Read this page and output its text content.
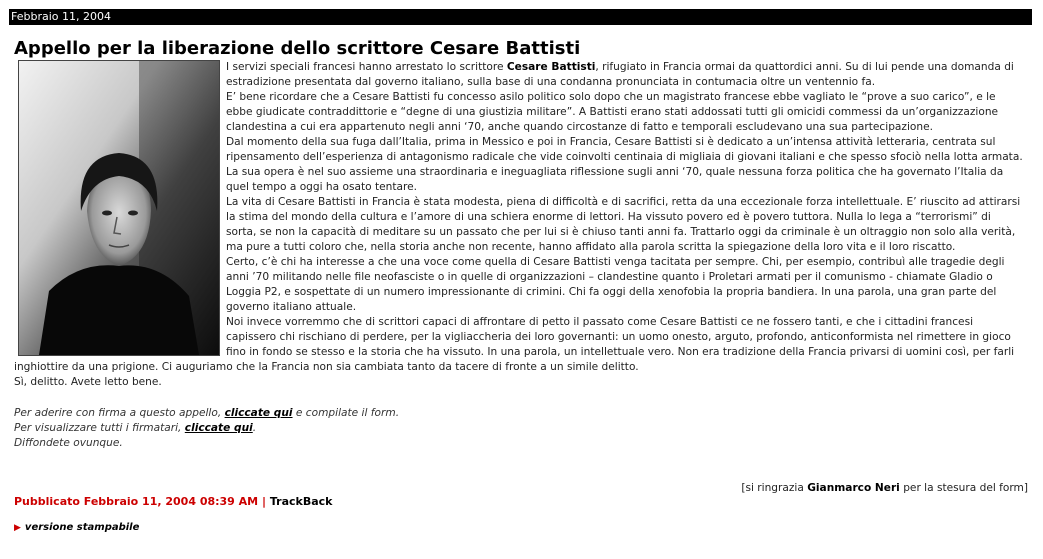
Febbraio 11, 2004
Appello per la liberazione dello scrittore Cesare Battisti

I servizi speciali francesi hanno arrestato lo scrittore Cesare Battisti, rifugiato in Francia ormai da quattordici anni. Su di lui pende una domanda di estradizione presentata dal governo italiano, sulla base di una condanna pronunciata in contumacia oltre un ventennio fa.

E’ bene ricordare che a Cesare Battisti fu concesso asilo politico solo dopo che un magistrato francese ebbe vagliato le “prove a suo carico”, e le ebbe giudicate contraddittorie e “degne di una giustizia militare”. A Battisti erano stati addossati tutti gli omicidi commessi da un’organizzazione clandestina a cui era appartenuto negli anni ‘70, anche quando circostanze di fatto e temporali escludevano una sua partecipazione.

Dal momento della sua fuga dall’Italia, prima in Messico e poi in Francia, Cesare Battisti si è dedicato a un’intensa attività letteraria, centrata sul ripensamento dell’esperienza di antagonismo radicale che vide coinvolti centinaia di migliaia di giovani italiani e che spesso sfociò nella lotta armata. La sua opera è nel suo assieme una straordinaria e ineguagliata riflessione sugli anni ‘70, quale nessuna forza politica che ha governato l’Italia da quel tempo a oggi ha osato tentare.

La vita di Cesare Battisti in Francia è stata modesta, piena di difficoltà e di sacrifici, retta da una eccezionale forza intellettuale. E’ riuscito ad attirarsi la stima del mondo della cultura e l’amore di una schiera enorme di lettori. Ha vissuto povero ed è povero tuttora. Nulla lo lega a “terrorismi” di sorta, se non la capacità di meditare su un passato che per lui si è chiuso tanti anni fa. Trattarlo oggi da criminale è un oltraggio non solo alla verità, ma pure a tutti coloro che, nella storia anche non recente, hanno affidato alla parola scritta la spiegazione della loro vita e il loro riscatto.

Certo, c’è chi ha interesse a che una voce come quella di Cesare Battisti venga tacitata per sempre. Chi, per esempio, contribuì alle tragedie degli anni ’70 militando nelle file neofasciste o in quelle di organizzazioni – clandestine quanto i Proletari armati per il comunismo - chiamate Gladio o Loggia P2, e sospettate di un numero impressionante di crimini. Chi fa oggi della xenofobia la propria bandiera. In una parola, una gran parte del governo italiano attuale.

Noi invece vorremmo che di scrittori capaci di affrontare di petto il passato come Cesare Battisti ce ne fossero tanti, e che i cittadini francesi capissero chi rischiano di perdere, per la vigliaccheria dei loro governanti: un uomo onesto, arguto, profondo, anticonformista nel rimettere in gioco fino in fondo se stesso e la storia che ha vissuto. In una parola, un intellettuale vero. Non era tradizione della Francia privarsi di uomini così, per farli inghiottire da una prigione. Ci auguriamo che la Francia non sia cambiata tanto da tacere di fronte a un simile delitto.

Sì, delitto. Avete letto bene.

Per aderire con firma a questo appello, cliccate qui e compilate il form.
Per visualizzare tutti i firmatari, cliccate qui.
Diffondete ovunque.

[si ringrazia Gianmarco Neri per la stesura del form]
Pubblicato Febbraio 11, 2004 08:39 AM | TrackBack
▶ versione stampabile
